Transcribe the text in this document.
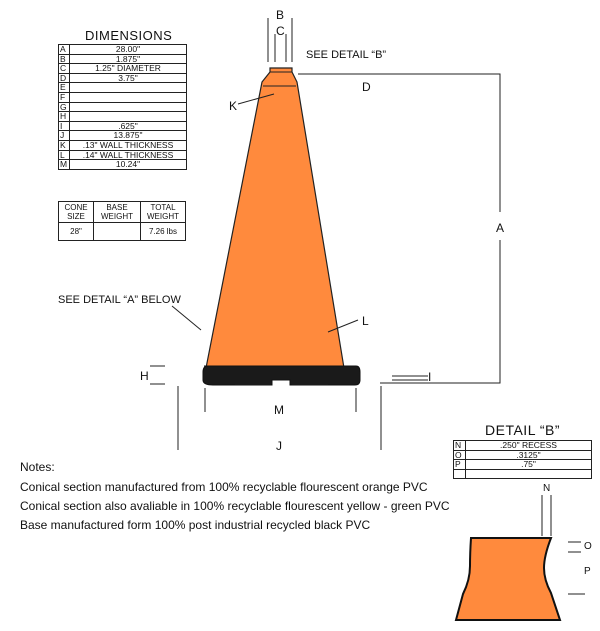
DIMENSIONS
A	28.00"
B	1.875"
C	1.25" DIAMETER
D	3.75"
E	
F	
G	
H	
I	.625"
J	13.875"
K	.13" WALL THICKNESS
L	.14" WALL THICKNESS
M	10.24"
CONE SIZE	BASE WEIGHT	TOTAL WEIGHT
28"		7.26 lbs
B
C
SEE DETAIL “B”
D
K
A
SEE DETAIL “A” BELOW
L
H	I
M
J
DETAIL “B”
N	.250" RECESS
O	.3125"
P	.75"

N
O
P
Notes:
Conical section manufactured from 100% recyclable flourescent orange PVC
Conical section also avaliable in 100% recyclable flourescent yellow - green PVC
Base manufactured form 100% post industrial recycled black PVC
